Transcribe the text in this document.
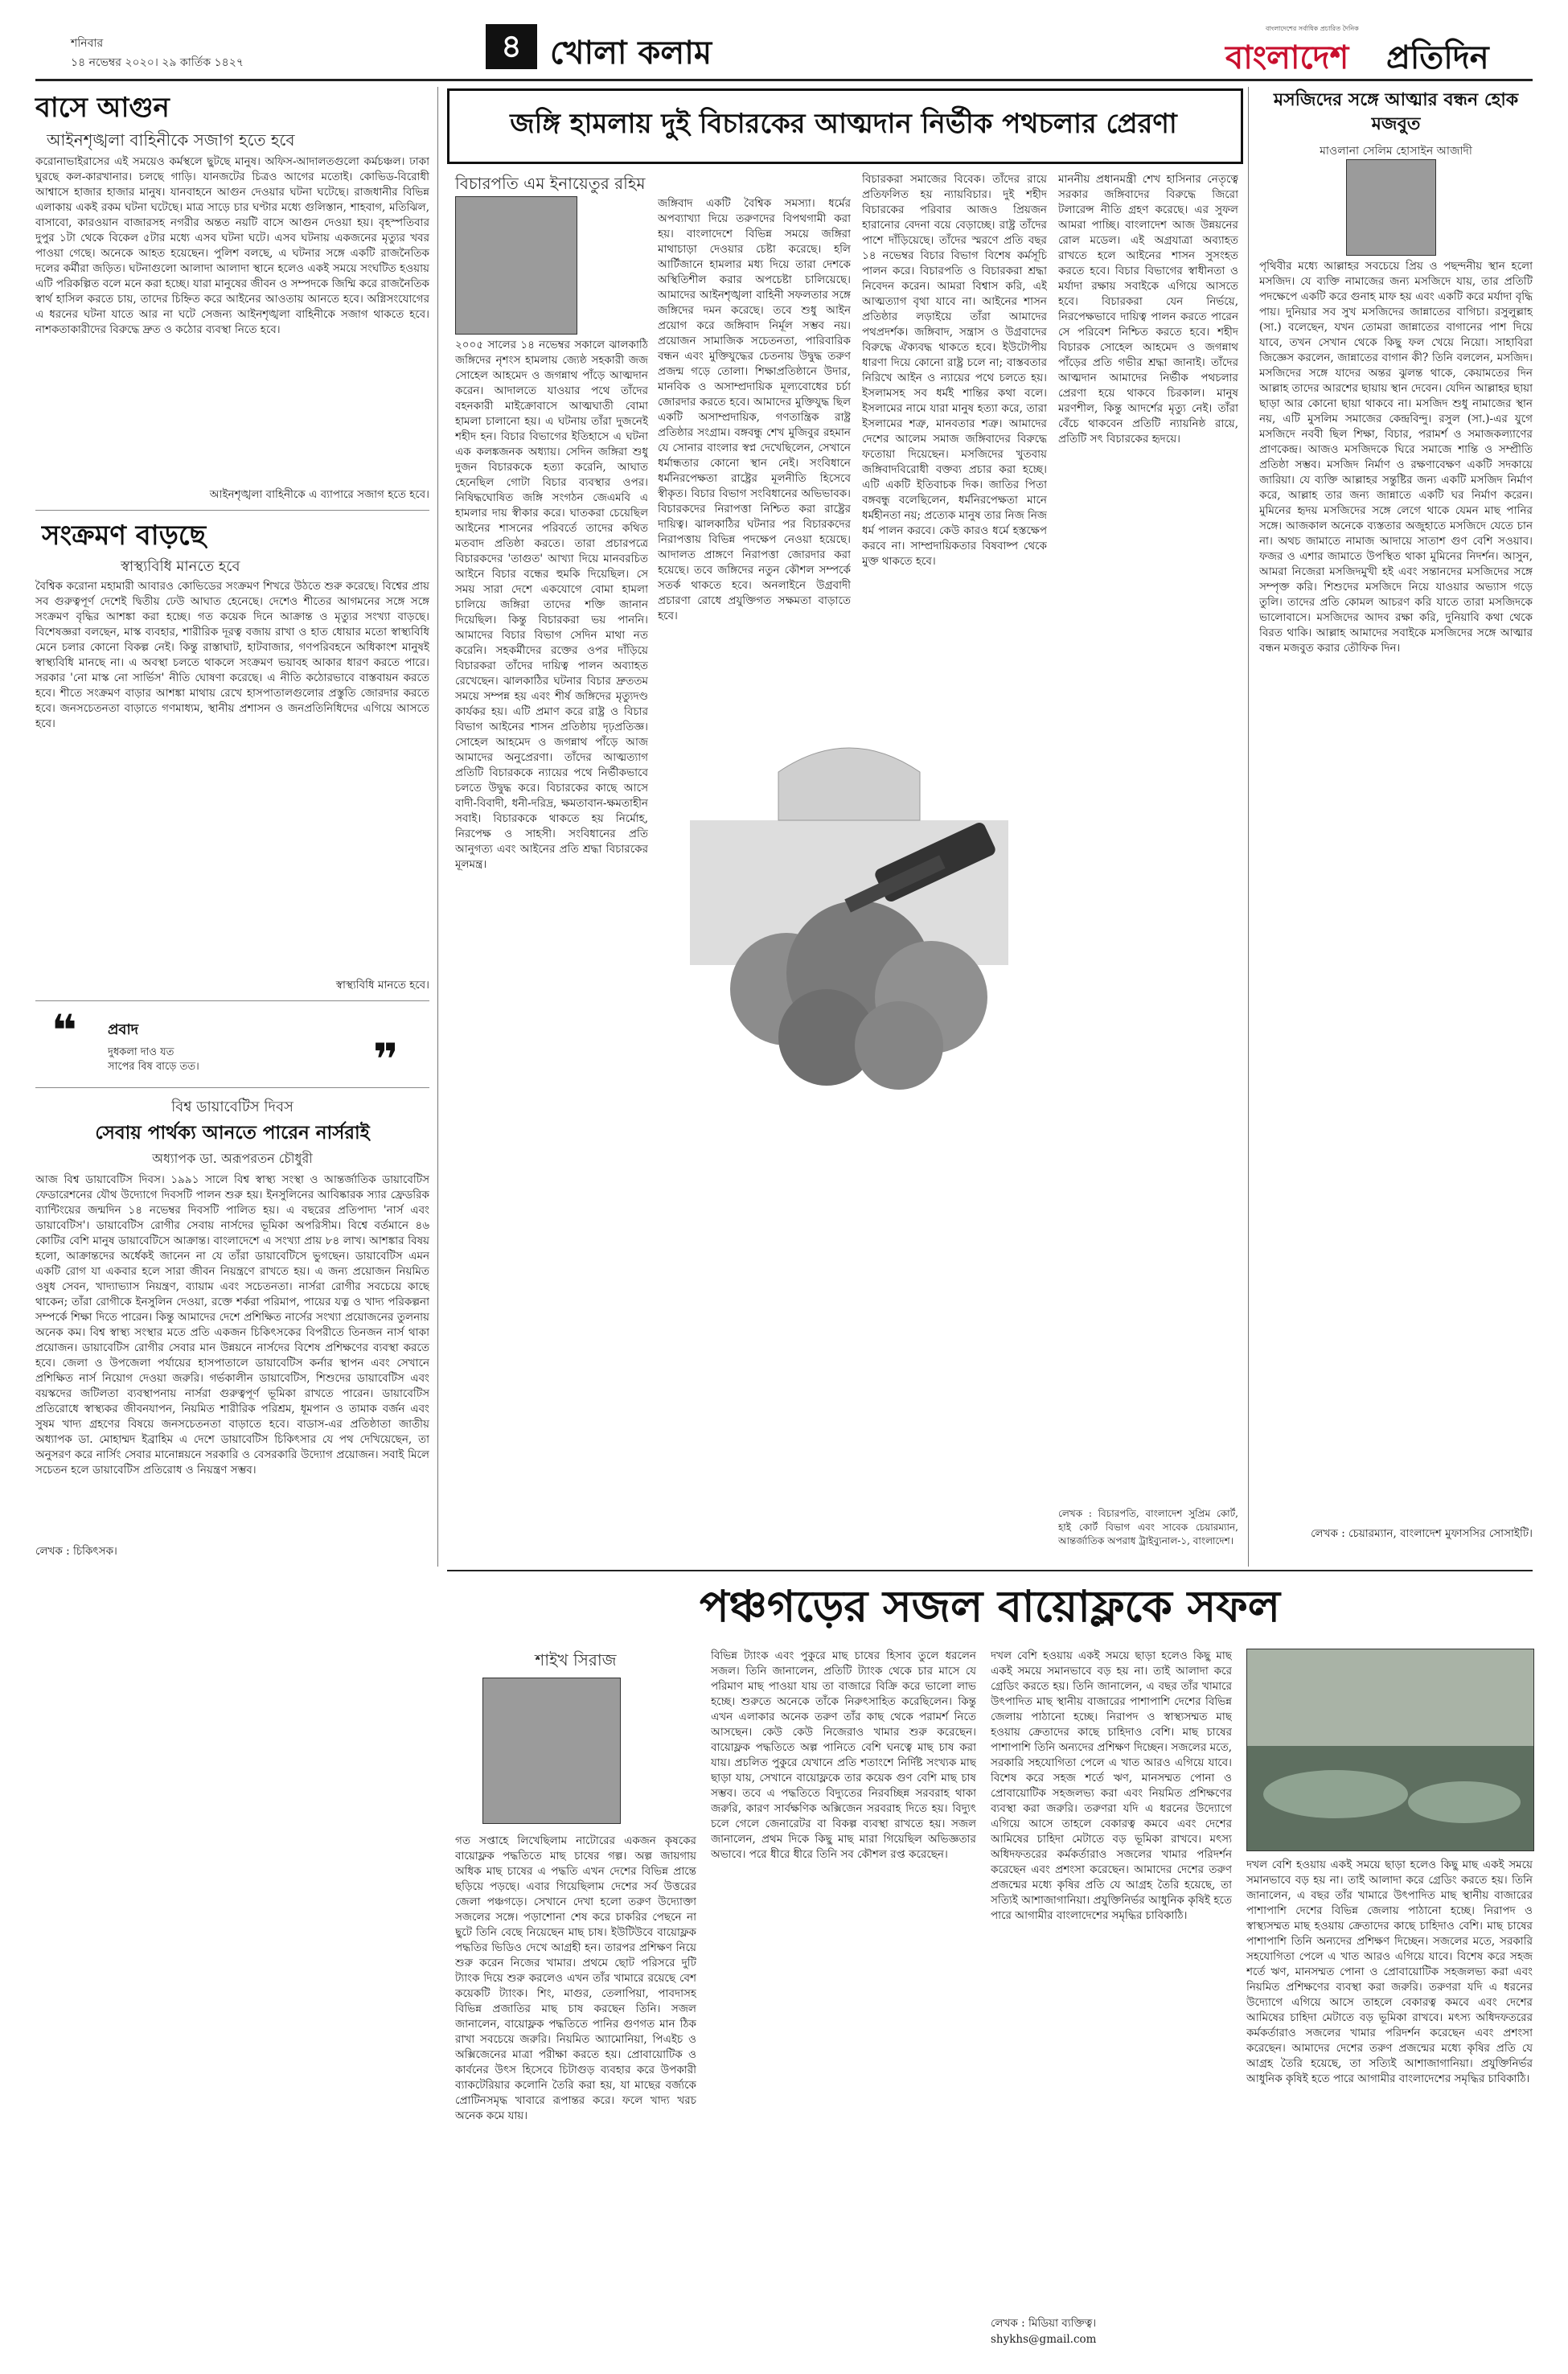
৪ খোলা কলাম
শনিবার
১৪ নভেম্বর ২০২০। ২৯ কার্তিক ১৪২৭
বাংলাদেশের সর্বাধিক প্রচারিত দৈনিক
বাংলাদেশ প্রতিদিন
বাসে আগুন
আইনশৃঙ্খলা বাহিনীকে সজাগ হতে হবে
করোনাভাইরাসের এই সময়েও কর্মস্থলে ছুটছে মানুষ। অফিস-আদালতগুলো কর্মচঞ্চল। ঢাকা ঘুরছে কল-কারখানার। চলছে গাড়ি। যানজটের চিত্রও আগের মতোই। কোভিড-বিরোধী আশ্বাসে হাজার হাজার মানুষ। যানবাহনে আগুন দেওয়ার ঘটনা ঘটেছে। রাজধানীর বিভিন্ন এলাকায় একই রকম ঘটনা ঘটেছে। মাত্র সাড়ে চার ঘণ্টার মধ্যে গুলিস্তান, শাহবাগ, মতিঝিল, বাসাবো, কারওয়ান বাজারসহ নগরীর অন্তত নয়টি বাসে আগুন দেওয়া হয়। বৃহস্পতিবার দুপুর ১টা থেকে বিকেল ৫টার মধ্যে এসব ঘটনা ঘটে। এসব ঘটনায় একজনের মৃত্যুর খবর পাওয়া গেছে। অনেকে আহত হয়েছেন। পুলিশ বলছে, এ ঘটনার সঙ্গে একটি রাজনৈতিক দলের কর্মীরা জড়িত। ঘটনাগুলো আলাদা আলাদা স্থানে হলেও একই সময়ে সংঘটিত হওয়ায় এটি পরিকল্পিত বলে মনে করা হচ্ছে। যারা মানুষের জীবন ও সম্পদকে জিম্মি করে রাজনৈতিক স্বার্থ হাসিল করতে চায়, তাদের চিহ্নিত করে আইনের আওতায় আনতে হবে। অগ্নিসংযোগের এ ধরনের ঘটনা যাতে আর না ঘটে সেজন্য আইনশৃঙ্খলা বাহিনীকে সজাগ থাকতে হবে। নাশকতাকারীদের বিরুদ্ধে দ্রুত ও কঠোর ব্যবস্থা নিতে হবে।
আইনশৃঙ্খলা বাহিনীকে এ ব্যাপারে সজাগ হতে হবে।
সংক্রমণ বাড়ছে
স্বাস্থ্যবিধি মানতে হবে
বৈশ্বিক করোনা মহামারী আবারও কোভিডের সংক্রমণ শিখরে উঠতে শুরু করেছে। বিশ্বের প্রায় সব গুরুত্বপূর্ণ দেশেই দ্বিতীয় ঢেউ আঘাত হেনেছে। দেশেও শীতের আগমনের সঙ্গে সঙ্গে সংক্রমণ বৃদ্ধির আশঙ্কা করা হচ্ছে। গত কয়েক দিনে আক্রান্ত ও মৃত্যুর সংখ্যা বাড়ছে। বিশেষজ্ঞরা বলছেন, মাস্ক ব্যবহার, শারীরিক দূরত্ব বজায় রাখা ও হাত ধোয়ার মতো স্বাস্থ্যবিধি মেনে চলার কোনো বিকল্প নেই। কিন্তু রাস্তাঘাট, হাটবাজার, গণপরিবহনে অধিকাংশ মানুষই স্বাস্থ্যবিধি মানছে না। এ অবস্থা চলতে থাকলে সংক্রমণ ভয়াবহ আকার ধারণ করতে পারে। সরকার 'নো মাস্ক নো সার্ভিস' নীতি ঘোষণা করেছে। এ নীতি কঠোরভাবে বাস্তবায়ন করতে হবে। শীতে সংক্রমণ বাড়ার আশঙ্কা মাথায় রেখে হাসপাতালগুলোর প্রস্তুতি জোরদার করতে হবে। জনসচেতনতা বাড়াতে গণমাধ্যম, স্থানীয় প্রশাসন ও জনপ্রতিনিধিদের এগিয়ে আসতে হবে।
স্বাস্থ্যবিধি মানতে হবে।
❝ প্রবাদ
দুধকলা দাও যত
সাপের বিষ বাড়ে তত।	❞
বিশ্ব ডায়াবেটিস দিবস
সেবায় পার্থক্য আনতে পারেন নার্সরাই
অধ্যাপক ডা. অরূপরতন চৌধুরী
আজ বিশ্ব ডায়াবেটিস দিবস। ১৯৯১ সালে বিশ্ব স্বাস্থ্য সংস্থা ও আন্তর্জাতিক ডায়াবেটিস ফেডারেশনের যৌথ উদ্যোগে দিবসটি পালন শুরু হয়। ইনসুলিনের আবিষ্কারক স্যার ফ্রেডরিক ব্যান্টিংয়ের জন্মদিন ১৪ নভেম্বর দিবসটি পালিত হয়। এ বছরের প্রতিপাদ্য 'নার্স এবং ডায়াবেটিস'। ডায়াবেটিস রোগীর সেবায় নার্সদের ভূমিকা অপরিসীম। বিশ্বে বর্তমানে ৪৬ কোটির বেশি মানুষ ডায়াবেটিসে আক্রান্ত। বাংলাদেশে এ সংখ্যা প্রায় ৮৪ লাখ। আশঙ্কার বিষয় হলো, আক্রান্তদের অর্ধেকই জানেন না যে তাঁরা ডায়াবেটিসে ভুগছেন। ডায়াবেটিস এমন একটি রোগ যা একবার হলে সারা জীবন নিয়ন্ত্রণে রাখতে হয়। এ জন্য প্রয়োজন নিয়মিত ওষুধ সেবন, খাদ্যাভ্যাস নিয়ন্ত্রণ, ব্যায়াম এবং সচেতনতা। নার্সরা রোগীর সবচেয়ে কাছে থাকেন; তাঁরা রোগীকে ইনসুলিন দেওয়া, রক্তে শর্করা পরিমাপ, পায়ের যত্ন ও খাদ্য পরিকল্পনা সম্পর্কে শিক্ষা দিতে পারেন। কিন্তু আমাদের দেশে প্রশিক্ষিত নার্সের সংখ্যা প্রয়োজনের তুলনায় অনেক কম। বিশ্ব স্বাস্থ্য সংস্থার মতে প্রতি একজন চিকিৎসকের বিপরীতে তিনজন নার্স থাকা প্রয়োজন। ডায়াবেটিস রোগীর সেবার মান উন্নয়নে নার্সদের বিশেষ প্রশিক্ষণের ব্যবস্থা করতে হবে। জেলা ও উপজেলা পর্যায়ের হাসপাতালে ডায়াবেটিস কর্নার স্থাপন এবং সেখানে প্রশিক্ষিত নার্স নিয়োগ দেওয়া জরুরি। গর্ভকালীন ডায়াবেটিস, শিশুদের ডায়াবেটিস এবং বয়স্কদের জটিলতা ব্যবস্থাপনায় নার্সরা গুরুত্বপূর্ণ ভূমিকা রাখতে পারেন। ডায়াবেটিস প্রতিরোধে স্বাস্থ্যকর জীবনযাপন, নিয়মিত শারীরিক পরিশ্রম, ধূমপান ও তামাক বর্জন এবং সুষম খাদ্য গ্রহণের বিষয়ে জনসচেতনতা বাড়াতে হবে। বাডাস-এর প্রতিষ্ঠাতা জাতীয় অধ্যাপক ডা. মোহাম্মদ ইব্রাহিম এ দেশে ডায়াবেটিস চিকিৎসার যে পথ দেখিয়েছেন, তা অনুসরণ করে নার্সিং সেবার মানোন্নয়নে সরকারি ও বেসরকারি উদ্যোগ প্রয়োজন। সবাই মিলে সচেতন হলে ডায়াবেটিস প্রতিরোধ ও নিয়ন্ত্রণ সম্ভব।
লেখক : চিকিৎসক।
জঙ্গি হামলায় দুই বিচারকের আত্মদান নির্ভীক পথচলার প্রেরণা
বিচারপতি এম ইনায়েতুর রহিম
২০০৫ সালের ১৪ নভেম্বর সকালে ঝালকাঠি জঙ্গিদের নৃশংস হামলায় জ্যেষ্ঠ সহকারী জজ সোহেল আহমেদ ও জগন্নাথ পাঁড়ে আত্মদান করেন। আদালতে যাওয়ার পথে তাঁদের বহনকারী মাইক্রোবাসে আত্মঘাতী বোমা হামলা চালানো হয়। এ ঘটনায় তাঁরা দুজনেই শহীদ হন। বিচার বিভাগের ইতিহাসে এ ঘটনা এক কলঙ্কজনক অধ্যায়। সেদিন জঙ্গিরা শুধু দুজন বিচারককে হত্যা করেনি, আঘাত হেনেছিল গোটা বিচার ব্যবস্থার ওপর। নিষিদ্ধঘোষিত জঙ্গি সংগঠন জেএমবি এ হামলার দায় স্বীকার করে। ঘাতকরা চেয়েছিল আইনের শাসনের পরিবর্তে তাদের কথিত মতবাদ প্রতিষ্ঠা করতে। তারা প্রচারপত্রে বিচারকদের 'তাগুত' আখ্যা দিয়ে মানবরচিত আইনে বিচার বন্ধের হুমকি দিয়েছিল। সে সময় সারা দেশে একযোগে বোমা হামলা চালিয়ে জঙ্গিরা তাদের শক্তি জানান দিয়েছিল। কিন্তু বিচারকরা ভয় পাননি। আমাদের বিচার বিভাগ সেদিন মাথা নত করেনি। সহকর্মীদের রক্তের ওপর দাঁড়িয়ে বিচারকরা তাঁদের দায়িত্ব পালন অব্যাহত রেখেছেন। ঝালকাঠির ঘটনার বিচার দ্রুততম সময়ে সম্পন্ন হয় এবং শীর্ষ জঙ্গিদের মৃত্যুদণ্ড কার্যকর হয়। এটি প্রমাণ করে রাষ্ট্র ও বিচার বিভাগ আইনের শাসন প্রতিষ্ঠায় দৃঢ়প্রতিজ্ঞ। সোহেল আহমেদ ও জগন্নাথ পাঁড়ে আজ আমাদের অনুপ্রেরণা। তাঁদের আত্মত্যাগ প্রতিটি বিচারককে ন্যায়ের পথে নির্ভীকভাবে চলতে উদ্বুদ্ধ করে। বিচারকের কাছে আসে বাদী-বিবাদী, ধনী-দরিদ্র, ক্ষমতাবান-ক্ষমতাহীন সবাই। বিচারককে থাকতে হয় নির্মোহ, নিরপেক্ষ ও সাহসী। সংবিধানের প্রতি আনুগত্য এবং আইনের প্রতি শ্রদ্ধা বিচারকের মূলমন্ত্র।
জঙ্গিবাদ একটি বৈশ্বিক সমস্যা। ধর্মের অপব্যাখ্যা দিয়ে তরুণদের বিপথগামী করা হয়। বাংলাদেশে বিভিন্ন সময়ে জঙ্গিরা মাথাচাড়া দেওয়ার চেষ্টা করেছে। হলি আর্টিজানে হামলার মধ্য দিয়ে তারা দেশকে অস্থিতিশীল করার অপচেষ্টা চালিয়েছে। আমাদের আইনশৃঙ্খলা বাহিনী সফলতার সঙ্গে জঙ্গিদের দমন করেছে। তবে শুধু আইন প্রয়োগ করে জঙ্গিবাদ নির্মূল সম্ভব নয়। প্রয়োজন সামাজিক সচেতনতা, পারিবারিক বন্ধন এবং মুক্তিযুদ্ধের চেতনায় উদ্বুদ্ধ তরুণ প্রজন্ম গড়ে তোলা। শিক্ষাপ্রতিষ্ঠানে উদার, মানবিক ও অসাম্প্রদায়িক মূল্যবোধের চর্চা জোরদার করতে হবে। আমাদের মুক্তিযুদ্ধ ছিল একটি অসাম্প্রদায়িক, গণতান্ত্রিক রাষ্ট্র প্রতিষ্ঠার সংগ্রাম। বঙ্গবন্ধু শেখ মুজিবুর রহমান যে সোনার বাংলার স্বপ্ন দেখেছিলেন, সেখানে ধর্মান্ধতার কোনো স্থান নেই। সংবিধানে ধর্মনিরপেক্ষতা রাষ্ট্রের মূলনীতি হিসেবে স্বীকৃত। বিচার বিভাগ সংবিধানের অভিভাবক। বিচারকদের নিরাপত্তা নিশ্চিত করা রাষ্ট্রের দায়িত্ব। ঝালকাঠির ঘটনার পর বিচারকদের নিরাপত্তায় বিভিন্ন পদক্ষেপ নেওয়া হয়েছে। আদালত প্রাঙ্গণে নিরাপত্তা জোরদার করা হয়েছে। তবে জঙ্গিদের নতুন কৌশল সম্পর্কে সতর্ক থাকতে হবে। অনলাইনে উগ্রবাদী প্রচারণা রোধে প্রযুক্তিগত সক্ষমতা বাড়াতে হবে।
বিচারকরা সমাজের বিবেক। তাঁদের রায়ে প্রতিফলিত হয় ন্যায়বিচার। দুই শহীদ বিচারকের পরিবার আজও প্রিয়জন হারানোর বেদনা বয়ে বেড়াচ্ছে। রাষ্ট্র তাঁদের পাশে দাঁড়িয়েছে। তাঁদের স্মরণে প্রতি বছর ১৪ নভেম্বর বিচার বিভাগ বিশেষ কর্মসূচি পালন করে। বিচারপতি ও বিচারকরা শ্রদ্ধা নিবেদন করেন। আমরা বিশ্বাস করি, এই আত্মত্যাগ বৃথা যাবে না। আইনের শাসন প্রতিষ্ঠার লড়াইয়ে তাঁরা আমাদের পথপ্রদর্শক। জঙ্গিবাদ, সন্ত্রাস ও উগ্রবাদের বিরুদ্ধে ঐক্যবদ্ধ থাকতে হবে। ইউটোপীয় ধারণা দিয়ে কোনো রাষ্ট্র চলে না; বাস্তবতার নিরিখে আইন ও ন্যায়ের পথে চলতে হয়। ইসলামসহ সব ধর্মই শান্তির কথা বলে। ইসলামের নামে যারা মানুষ হত্যা করে, তারা ইসলামের শত্রু, মানবতার শত্রু। আমাদের দেশের আলেম সমাজ জঙ্গিবাদের বিরুদ্ধে ফতোয়া দিয়েছেন। মসজিদের খুতবায় জঙ্গিবাদবিরোধী বক্তব্য প্রচার করা হচ্ছে। এটি একটি ইতিবাচক দিক। জাতির পিতা বঙ্গবন্ধু বলেছিলেন, ধর্মনিরপেক্ষতা মানে ধর্মহীনতা নয়; প্রত্যেক মানুষ তার নিজ নিজ ধর্ম পালন করবে। কেউ কারও ধর্মে হস্তক্ষেপ করবে না। সাম্প্রদায়িকতার বিষবাষ্প থেকে মুক্ত থাকতে হবে।
মাননীয় প্রধানমন্ত্রী শেখ হাসিনার নেতৃত্বে সরকার জঙ্গিবাদের বিরুদ্ধে জিরো টলারেন্স নীতি গ্রহণ করেছে। এর সুফল আমরা পাচ্ছি। বাংলাদেশ আজ উন্নয়নের রোল মডেল। এই অগ্রযাত্রা অব্যাহত রাখতে হলে আইনের শাসন সুসংহত করতে হবে। বিচার বিভাগের স্বাধীনতা ও মর্যাদা রক্ষায় সবাইকে এগিয়ে আসতে হবে। বিচারকরা যেন নির্ভয়ে, নিরপেক্ষভাবে দায়িত্ব পালন করতে পারেন সে পরিবেশ নিশ্চিত করতে হবে। শহীদ বিচারক সোহেল আহমেদ ও জগন্নাথ পাঁড়ের প্রতি গভীর শ্রদ্ধা জানাই। তাঁদের আত্মদান আমাদের নির্ভীক পথচলার প্রেরণা হয়ে থাকবে চিরকাল। মানুষ মরণশীল, কিন্তু আদর্শের মৃত্যু নেই। তাঁরা বেঁচে থাকবেন প্রতিটি ন্যায়নিষ্ঠ রায়ে, প্রতিটি সৎ বিচারকের হৃদয়ে।
লেখক : বিচারপতি, বাংলাদেশ সুপ্রিম কোর্ট, হাই কোর্ট বিভাগ এবং সাবেক চেয়ারম্যান, আন্তর্জাতিক অপরাধ ট্রাইব্যুনাল-১, বাংলাদেশ।
মসজিদের সঙ্গে আত্মার বন্ধন হোক মজবুত
মাওলানা সেলিম হোসাইন আজাদী
পৃথিবীর মধ্যে আল্লাহর সবচেয়ে প্রিয় ও পছন্দনীয় স্থান হলো মসজিদ। যে ব্যক্তি নামাজের জন্য মসজিদে যায়, তার প্রতিটি পদক্ষেপে একটি করে গুনাহ মাফ হয় এবং একটি করে মর্যাদা বৃদ্ধি পায়। দুনিয়ার সব সুখ মসজিদের জান্নাতের বাগিচা। রসুলুল্লাহ (সা.) বলেছেন, যখন তোমরা জান্নাতের বাগানের পাশ দিয়ে যাবে, তখন সেখান থেকে কিছু ফল খেয়ে নিয়ো। সাহাবিরা জিজ্ঞেস করলেন, জান্নাতের বাগান কী? তিনি বললেন, মসজিদ। মসজিদের সঙ্গে যাদের অন্তর ঝুলন্ত থাকে, কেয়ামতের দিন আল্লাহ তাদের আরশের ছায়ায় স্থান দেবেন। যেদিন আল্লাহর ছায়া ছাড়া আর কোনো ছায়া থাকবে না। মসজিদ শুধু নামাজের স্থান নয়, এটি মুসলিম সমাজের কেন্দ্রবিন্দু। রসুল (সা.)-এর যুগে মসজিদে নববী ছিল শিক্ষা, বিচার, পরামর্শ ও সমাজকল্যাণের প্রাণকেন্দ্র। আজও মসজিদকে ঘিরে সমাজে শান্তি ও সম্প্রীতি প্রতিষ্ঠা সম্ভব। মসজিদ নির্মাণ ও রক্ষণাবেক্ষণ একটি সদকায়ে জারিয়া। যে ব্যক্তি আল্লাহর সন্তুষ্টির জন্য একটি মসজিদ নির্মাণ করে, আল্লাহ তার জন্য জান্নাতে একটি ঘর নির্মাণ করেন। মুমিনের হৃদয় মসজিদের সঙ্গে লেগে থাকে যেমন মাছ পানির সঙ্গে। আজকাল অনেকে ব্যস্ততার অজুহাতে মসজিদে যেতে চান না। অথচ জামাতে নামাজ আদায়ে সাতাশ গুণ বেশি সওয়াব। ফজর ও এশার জামাতে উপস্থিত থাকা মুমিনের নিদর্শন। আসুন, আমরা নিজেরা মসজিদমুখী হই এবং সন্তানদের মসজিদের সঙ্গে সম্পৃক্ত করি। শিশুদের মসজিদে নিয়ে যাওয়ার অভ্যাস গড়ে তুলি। তাদের প্রতি কোমল আচরণ করি যাতে তারা মসজিদকে ভালোবাসে। মসজিদের আদব রক্ষা করি, দুনিয়াবি কথা থেকে বিরত থাকি। আল্লাহ আমাদের সবাইকে মসজিদের সঙ্গে আত্মার বন্ধন মজবুত করার তৌফিক দিন।
লেখক : চেয়ারম্যান, বাংলাদেশ মুফাসসির সোসাইটি।
পঞ্চগড়ের সজল বায়োফ্লকে সফল
শাইখ সিরাজ
গত সপ্তাহে লিখেছিলাম নাটোরের একজন কৃষকের বায়োফ্লক পদ্ধতিতে মাছ চাষের গল্প। অল্প জায়গায় অধিক মাছ চাষের এ পদ্ধতি এখন দেশের বিভিন্ন প্রান্তে ছড়িয়ে পড়ছে। এবার গিয়েছিলাম দেশের সর্ব উত্তরের জেলা পঞ্চগড়ে। সেখানে দেখা হলো তরুণ উদ্যোক্তা সজলের সঙ্গে। পড়াশোনা শেষ করে চাকরির পেছনে না ছুটে তিনি বেছে নিয়েছেন মাছ চাষ। ইউটিউবে বায়োফ্লক পদ্ধতির ভিডিও দেখে আগ্রহী হন। তারপর প্রশিক্ষণ নিয়ে শুরু করেন নিজের খামার। প্রথমে ছোট পরিসরে দুটি ট্যাংক দিয়ে শুরু করলেও এখন তাঁর খামারে রয়েছে বেশ কয়েকটি ট্যাংক। শিং, মাগুর, তেলাপিয়া, পাবদাসহ বিভিন্ন প্রজাতির মাছ চাষ করছেন তিনি। সজল জানালেন, বায়োফ্লক পদ্ধতিতে পানির গুণগত মান ঠিক রাখা সবচেয়ে জরুরি। নিয়মিত অ্যামোনিয়া, পিএইচ ও অক্সিজেনের মাত্রা পরীক্ষা করতে হয়। প্রোবায়োটিক ও কার্বনের উৎস হিসেবে চিটাগুড় ব্যবহার করে উপকারী ব্যাকটেরিয়ার কলোনি তৈরি করা হয়, যা মাছের বর্জ্যকে প্রোটিনসমৃদ্ধ খাবারে রূপান্তর করে। ফলে খাদ্য খরচ অনেক কমে যায়।
বিভিন্ন ট্যাংক এবং পুকুরে মাছ চাষের হিসাব তুলে ধরলেন সজল। তিনি জানালেন, প্রতিটি ট্যাংক থেকে চার মাসে যে পরিমাণ মাছ পাওয়া যায় তা বাজারে বিক্রি করে ভালো লাভ হচ্ছে। শুরুতে অনেকে তাঁকে নিরুৎসাহিত করেছিলেন। কিন্তু এখন এলাকার অনেক তরুণ তাঁর কাছ থেকে পরামর্শ নিতে আসছেন। কেউ কেউ নিজেরাও খামার শুরু করেছেন। বায়োফ্লক পদ্ধতিতে অল্প পানিতে বেশি ঘনত্বে মাছ চাষ করা যায়। প্রচলিত পুকুরে যেখানে প্রতি শতাংশে নির্দিষ্ট সংখ্যক মাছ ছাড়া যায়, সেখানে বায়োফ্লকে তার কয়েক গুণ বেশি মাছ চাষ সম্ভব। তবে এ পদ্ধতিতে বিদ্যুতের নিরবচ্ছিন্ন সরবরাহ থাকা জরুরি, কারণ সার্বক্ষণিক অক্সিজেন সরবরাহ দিতে হয়। বিদ্যুৎ চলে গেলে জেনারেটর বা বিকল্প ব্যবস্থা রাখতে হয়। সজল জানালেন, প্রথম দিকে কিছু মাছ মারা গিয়েছিল অভিজ্ঞতার অভাবে। পরে ধীরে ধীরে তিনি সব কৌশল রপ্ত করেছেন।
দখল বেশি হওয়ায় একই সময়ে ছাড়া হলেও কিছু মাছ একই সময়ে সমানভাবে বড় হয় না। তাই আলাদা করে গ্রেডিং করতে হয়। তিনি জানালেন, এ বছর তাঁর খামারে উৎপাদিত মাছ স্থানীয় বাজারের পাশাপাশি দেশের বিভিন্ন জেলায় পাঠানো হচ্ছে। নিরাপদ ও স্বাস্থ্যসম্মত মাছ হওয়ায় ক্রেতাদের কাছে চাহিদাও বেশি। মাছ চাষের পাশাপাশি তিনি অন্যদের প্রশিক্ষণ দিচ্ছেন। সজলের মতে, সরকারি সহযোগিতা পেলে এ খাত আরও এগিয়ে যাবে। বিশেষ করে সহজ শর্তে ঋণ, মানসম্মত পোনা ও প্রোবায়োটিক সহজলভ্য করা এবং নিয়মিত প্রশিক্ষণের ব্যবস্থা করা জরুরি। তরুণরা যদি এ ধরনের উদ্যোগে এগিয়ে আসে তাহলে বেকারত্ব কমবে এবং দেশের আমিষের চাহিদা মেটাতে বড় ভূমিকা রাখবে। মৎস্য অধিদফতরের কর্মকর্তারাও সজলের খামার পরিদর্শন করেছেন এবং প্রশংসা করেছেন। আমাদের দেশের তরুণ প্রজন্মের মধ্যে কৃষির প্রতি যে আগ্রহ তৈরি হয়েছে, তা সত্যিই আশাজাগানিয়া। প্রযুক্তিনির্ভর আধুনিক কৃষিই হতে পারে আগামীর বাংলাদেশের সমৃদ্ধির চাবিকাঠি।
লেখক : মিডিয়া ব্যক্তিত্ব।
shykhs@gmail.com
দখল বেশি হওয়ায় একই সময়ে ছাড়া হলেও কিছু মাছ একই সময়ে সমানভাবে বড় হয় না। তাই আলাদা করে গ্রেডিং করতে হয়। তিনি জানালেন, এ বছর তাঁর খামারে উৎপাদিত মাছ স্থানীয় বাজারের পাশাপাশি দেশের বিভিন্ন জেলায় পাঠানো হচ্ছে। নিরাপদ ও স্বাস্থ্যসম্মত মাছ হওয়ায় ক্রেতাদের কাছে চাহিদাও বেশি। মাছ চাষের পাশাপাশি তিনি অন্যদের প্রশিক্ষণ দিচ্ছেন। সজলের মতে, সরকারি সহযোগিতা পেলে এ খাত আরও এগিয়ে যাবে। বিশেষ করে সহজ শর্তে ঋণ, মানসম্মত পোনা ও প্রোবায়োটিক সহজলভ্য করা এবং নিয়মিত প্রশিক্ষণের ব্যবস্থা করা জরুরি। তরুণরা যদি এ ধরনের উদ্যোগে এগিয়ে আসে তাহলে বেকারত্ব কমবে এবং দেশের আমিষের চাহিদা মেটাতে বড় ভূমিকা রাখবে। মৎস্য অধিদফতরের কর্মকর্তারাও সজলের খামার পরিদর্শন করেছেন এবং প্রশংসা করেছেন। আমাদের দেশের তরুণ প্রজন্মের মধ্যে কৃষির প্রতি যে আগ্রহ তৈরি হয়েছে, তা সত্যিই আশাজাগানিয়া। প্রযুক্তিনির্ভর আধুনিক কৃষিই হতে পারে আগামীর বাংলাদেশের সমৃদ্ধির চাবিকাঠি।
